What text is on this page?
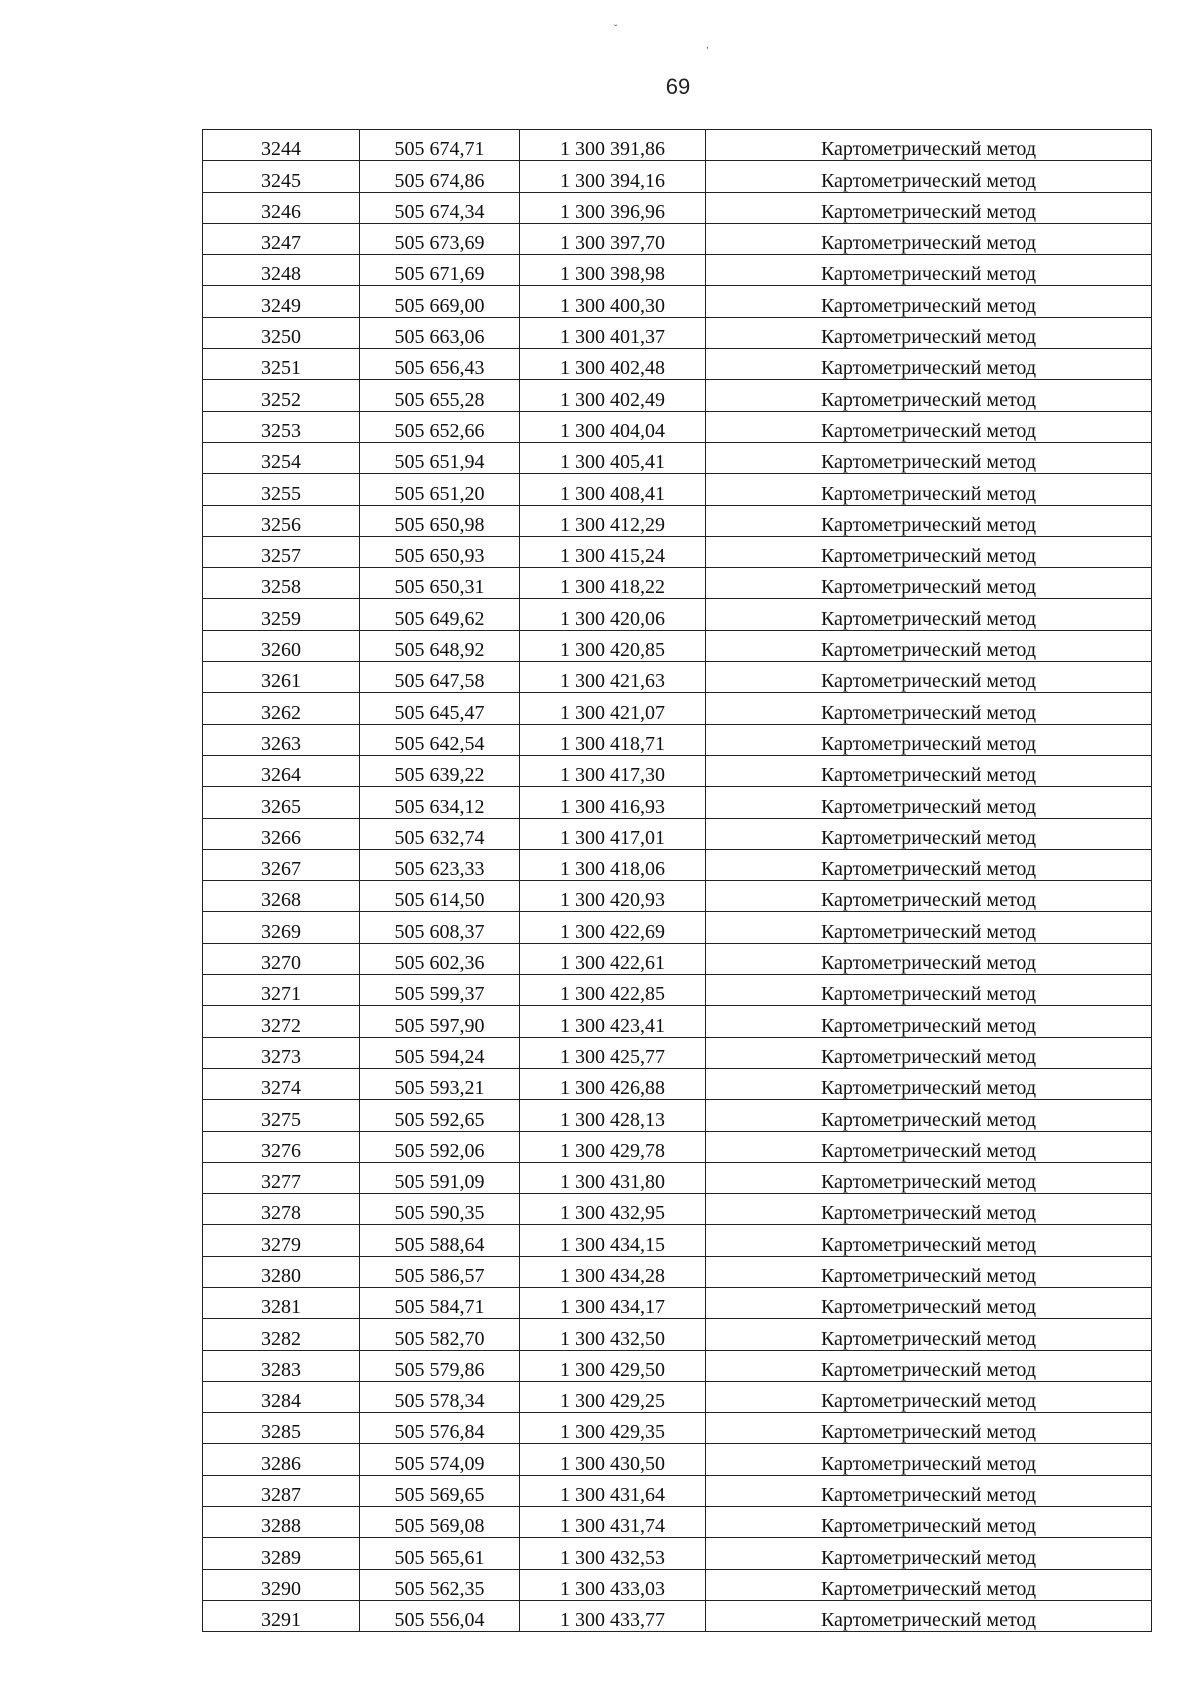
ˇ
,
69
3244	505 674,71	1 300 391,86	Картометрический метод
3245	505 674,86	1 300 394,16	Картометрический метод
3246	505 674,34	1 300 396,96	Картометрический метод
3247	505 673,69	1 300 397,70	Картометрический метод
3248	505 671,69	1 300 398,98	Картометрический метод
3249	505 669,00	1 300 400,30	Картометрический метод
3250	505 663,06	1 300 401,37	Картометрический метод
3251	505 656,43	1 300 402,48	Картометрический метод
3252	505 655,28	1 300 402,49	Картометрический метод
3253	505 652,66	1 300 404,04	Картометрический метод
3254	505 651,94	1 300 405,41	Картометрический метод
3255	505 651,20	1 300 408,41	Картометрический метод
3256	505 650,98	1 300 412,29	Картометрический метод
3257	505 650,93	1 300 415,24	Картометрический метод
3258	505 650,31	1 300 418,22	Картометрический метод
3259	505 649,62	1 300 420,06	Картометрический метод
3260	505 648,92	1 300 420,85	Картометрический метод
3261	505 647,58	1 300 421,63	Картометрический метод
3262	505 645,47	1 300 421,07	Картометрический метод
3263	505 642,54	1 300 418,71	Картометрический метод
3264	505 639,22	1 300 417,30	Картометрический метод
3265	505 634,12	1 300 416,93	Картометрический метод
3266	505 632,74	1 300 417,01	Картометрический метод
3267	505 623,33	1 300 418,06	Картометрический метод
3268	505 614,50	1 300 420,93	Картометрический метод
3269	505 608,37	1 300 422,69	Картометрический метод
3270	505 602,36	1 300 422,61	Картометрический метод
3271	505 599,37	1 300 422,85	Картометрический метод
3272	505 597,90	1 300 423,41	Картометрический метод
3273	505 594,24	1 300 425,77	Картометрический метод
3274	505 593,21	1 300 426,88	Картометрический метод
3275	505 592,65	1 300 428,13	Картометрический метод
3276	505 592,06	1 300 429,78	Картометрический метод
3277	505 591,09	1 300 431,80	Картометрический метод
3278	505 590,35	1 300 432,95	Картометрический метод
3279	505 588,64	1 300 434,15	Картометрический метод
3280	505 586,57	1 300 434,28	Картометрический метод
3281	505 584,71	1 300 434,17	Картометрический метод
3282	505 582,70	1 300 432,50	Картометрический метод
3283	505 579,86	1 300 429,50	Картометрический метод
3284	505 578,34	1 300 429,25	Картометрический метод
3285	505 576,84	1 300 429,35	Картометрический метод
3286	505 574,09	1 300 430,50	Картометрический метод
3287	505 569,65	1 300 431,64	Картометрический метод
3288	505 569,08	1 300 431,74	Картометрический метод
3289	505 565,61	1 300 432,53	Картометрический метод
3290	505 562,35	1 300 433,03	Картометрический метод
3291	505 556,04	1 300 433,77	Картометрический метод
